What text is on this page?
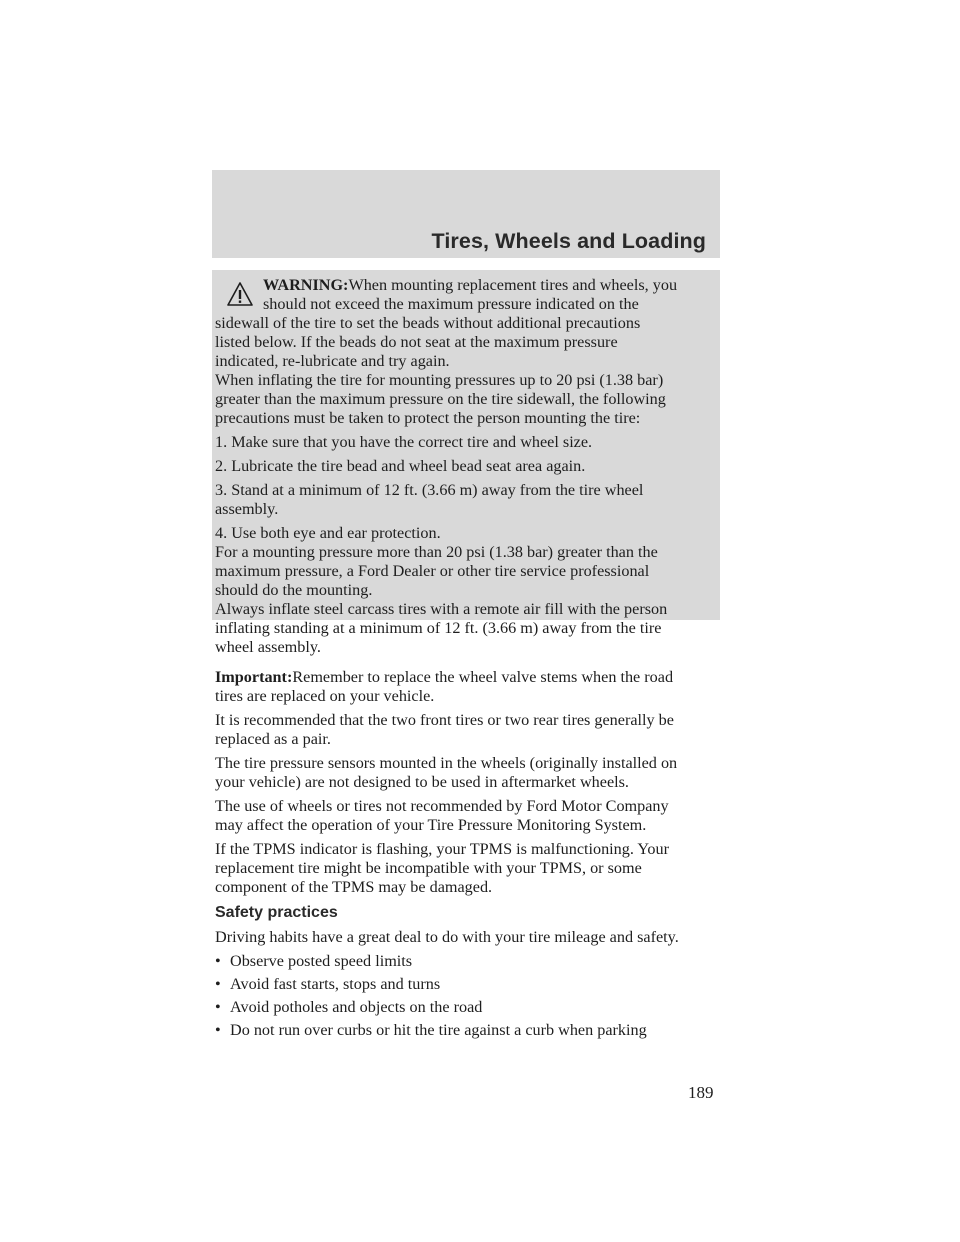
Tires, Wheels and Loading

WARNING:When mounting replacement tires and wheels, you

should not exceed the maximum pressure indicated on the

sidewall of the tire to set the beads without additional precautions

listed below. If the beads do not seat at the maximum pressure

indicated, re-lubricate and try again.

When inflating the tire for mounting pressures up to 20 psi (1.38 bar)

greater than the maximum pressure on the tire sidewall, the following

precautions must be taken to protect the person mounting the tire:

1. Make sure that you have the correct tire and wheel size.

2. Lubricate the tire bead and wheel bead seat area again.

3. Stand at a minimum of 12 ft. (3.66 m) away from the tire wheel

assembly.

4. Use both eye and ear protection.

For a mounting pressure more than 20 psi (1.38 bar) greater than the

maximum pressure, a Ford Dealer or other tire service professional

should do the mounting.

Always inflate steel carcass tires with a remote air fill with the person

inflating standing at a minimum of 12 ft. (3.66 m) away from the tire

wheel assembly.

Important:Remember to replace the wheel valve stems when the road

tires are replaced on your vehicle.

It is recommended that the two front tires or two rear tires generally be

replaced as a pair.

The tire pressure sensors mounted in the wheels (originally installed on

your vehicle) are not designed to be used in aftermarket wheels.

The use of wheels or tires not recommended by Ford Motor Company

may affect the operation of your Tire Pressure Monitoring System.

If the TPMS indicator is flashing, your TPMS is malfunctioning. Your

replacement tire might be incompatible with your TPMS, or some

component of the TPMS may be damaged.

Safety practices

Driving habits have a great deal to do with your tire mileage and safety.

• Observe posted speed limits
• Avoid fast starts, stops and turns
• Avoid potholes and objects on the road
• Do not run over curbs or hit the tire against a curb when parking
189
